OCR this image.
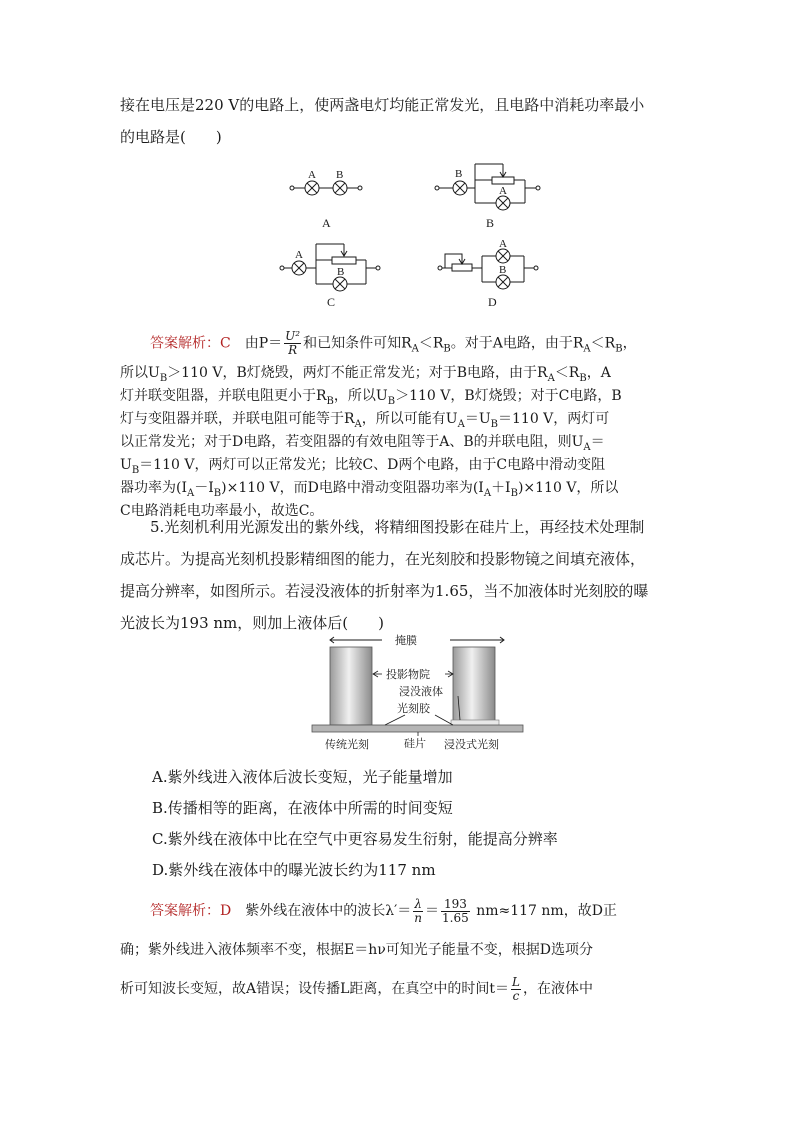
接在电压是220 V的电路上，使两盏电灯均能正常发光，且电路中消耗功率最小

的电路是(　　)

A B
A
B
A
B
A
B
C
A
B
D

答案解析：C　 由$P= \frac{\text{U²}}{R}$ 和已知条件可知$R_A<R_B$。对于A电路，由于$R_A<R_B$，

所以$U_B>110$ V，B灯烧毁，两灯不能正常发光；对于B电路，由于$R_A<R_B$，A

灯并联变阻器，并联电阻更小于$R_B$，所以$U_B>110$ V，B灯烧毁；对于C电路，B

灯与变阻器并联，并联电阻可能等于$R_A$，所以可能有$U_A=U_B=110$ V，两灯可

以正常发光；对于D电路，若变阻器的有效电阻等于A、B的并联电阻，则$U_A=$

$U_B=110$ V，两灯可以正常发光；比较C、D两个电路，由于C电路中滑动变阻

器功率为$(I_A-I_B)\times 110$ V，而D电路中滑动变阻器功率为$(I_A+I_B)\times 110$ V，所以

C电路消耗电功率最小，故选C。

5.光刻机利用光源发出的紫外线，将精细图投影在硅片上，再经技术处理制

成芯片。为提高光刻机投影精细图的能力，在光刻胶和投影物镜之间填充液体，

提高分辨率，如图所示。若浸没液体的折射率为1.65，当不加液体时光刻胶的曝

光波长为193 nm，则加上液体后(　　)

掩膜
投影物院
浸没液体
光刻胶
硅片
传统光刻	浸没式光刻

A.紫外线进入液体后波长变短，光子能量增加

B.传播相等的距离，在液体中所需的时间变短

C.紫外线在液体中比在空气中更容易发生衍射，能提高分辨率

D.紫外线在液体中的曝光波长约为117 nm

答案解析：D　 紫外线在液体中的波长$\lambda'= \frac{\lambda}{n} = \frac{193}{1.65} nm\approx 117$ nm，故D正

确；紫外线进入液体频率不变，根据E＝hν可知光子能量不变，根据D选项分

析可知波长变短，故A错误；设传播L距离，在真空中的时间$t= \frac{L}{c}$ ，在液体中
